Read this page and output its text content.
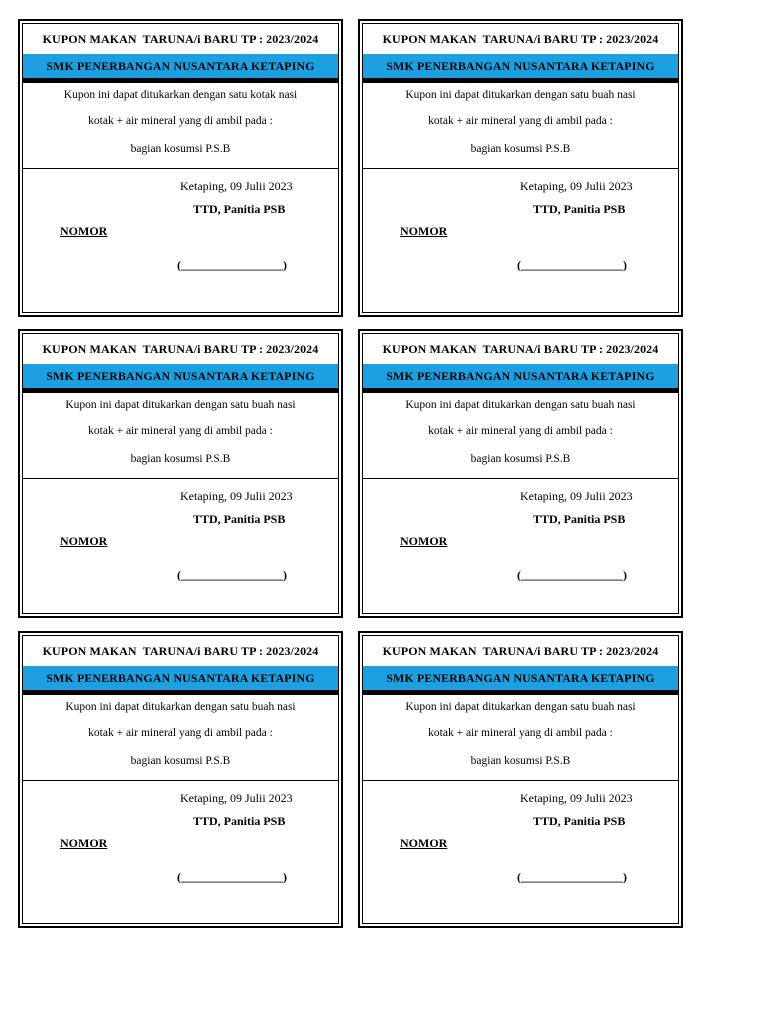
KUPON MAKAN  TARUNA/i BARU TP : 2023/2024
SMK PENERBANGAN NUSANTARA KETAPING
Kupon ini dapat ditukarkan dengan satu kotak nasi
kotak + air mineral yang di ambil pada :
bagian kosumsi P.S.B
Ketaping, 09 Julii 2023
TTD, Panitia PSB
NOMOR
(_________________)
KUPON MAKAN  TARUNA/i BARU TP : 2023/2024
SMK PENERBANGAN NUSANTARA KETAPING
Kupon ini dapat ditukarkan dengan satu buah nasi
kotak + air mineral yang di ambil pada :
bagian kosumsi P.S.B
Ketaping, 09 Julii 2023
TTD, Panitia PSB
NOMOR
(_________________)
KUPON MAKAN  TARUNA/i BARU TP : 2023/2024
SMK PENERBANGAN NUSANTARA KETAPING
Kupon ini dapat ditukarkan dengan satu buah nasi
kotak + air mineral yang di ambil pada :
bagian kosumsi P.S.B
Ketaping, 09 Julii 2023
TTD, Panitia PSB
NOMOR
(_________________)
KUPON MAKAN  TARUNA/i BARU TP : 2023/2024
SMK PENERBANGAN NUSANTARA KETAPING
Kupon ini dapat ditukarkan dengan satu buah nasi
kotak + air mineral yang di ambil pada :
bagian kosumsi P.S.B
Ketaping, 09 Julii 2023
TTD, Panitia PSB
NOMOR
(_________________)
KUPON MAKAN  TARUNA/i BARU TP : 2023/2024
SMK PENERBANGAN NUSANTARA KETAPING
Kupon ini dapat ditukarkan dengan satu buah nasi
kotak + air mineral yang di ambil pada :
bagian kosumsi P.S.B
Ketaping, 09 Julii 2023
TTD, Panitia PSB
NOMOR
(_________________)
KUPON MAKAN  TARUNA/i BARU TP : 2023/2024
SMK PENERBANGAN NUSANTARA KETAPING
Kupon ini dapat ditukarkan dengan satu buah nasi
kotak + air mineral yang di ambil pada :
bagian kosumsi P.S.B
Ketaping, 09 Julii 2023
TTD, Panitia PSB
NOMOR
(_________________)
